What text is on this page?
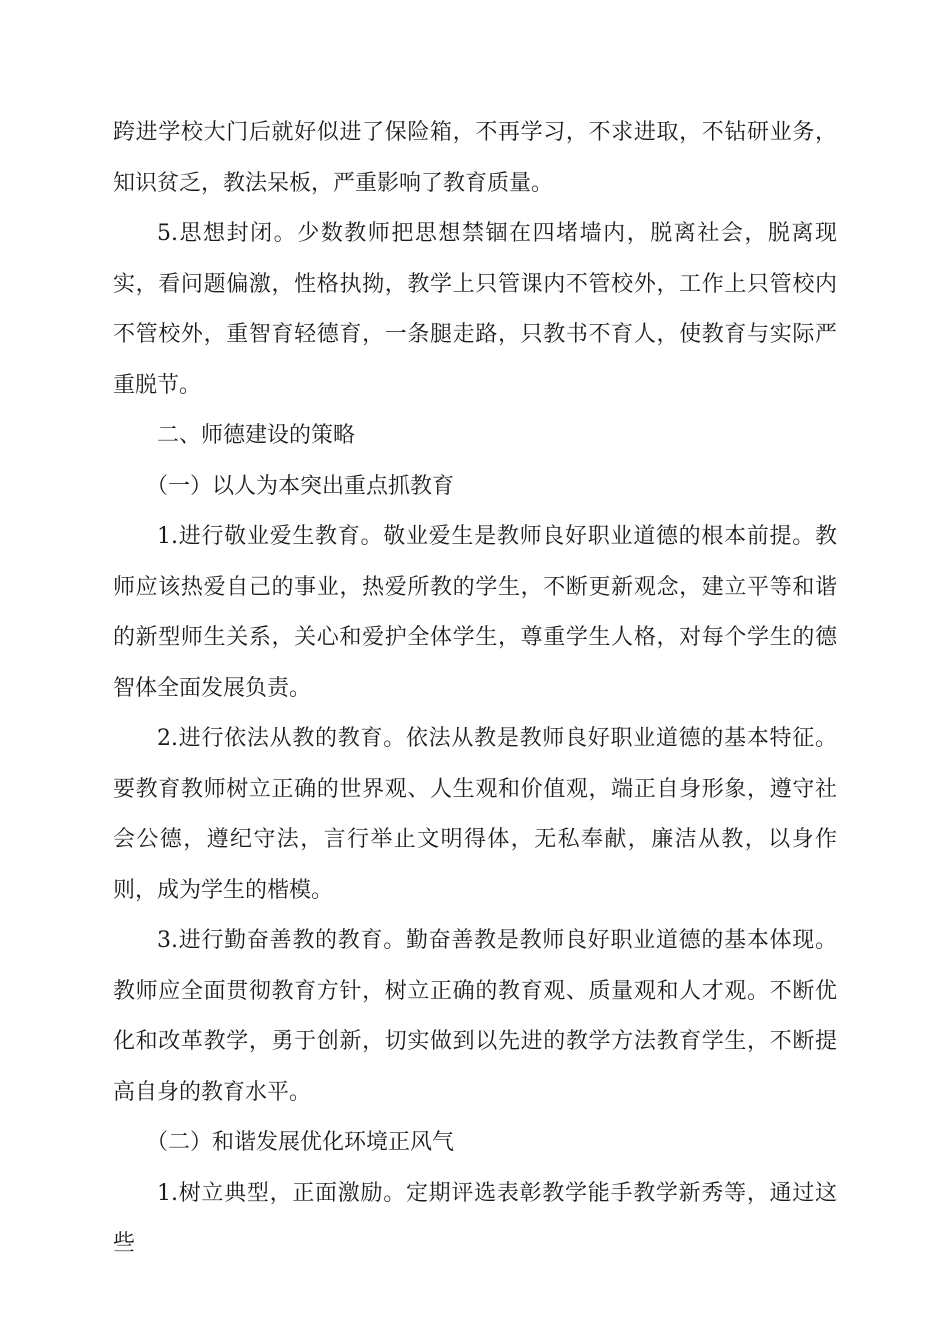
跨进学校大门后就好似进了保险箱，不再学习，不求进取，不钻研业务，知识贫乏，教法呆板，严重影响了教育质量。

5.思想封闭。少数教师把思想禁锢在四堵墙内，脱离社会，脱离现实，看问题偏激，性格执拗，教学上只管课内不管校外，工作上只管校内不管校外，重智育轻德育，一条腿走路，只教书不育人，使教育与实际严重脱节。

二、师德建设的策略

（一）以人为本突出重点抓教育

1.进行敬业爱生教育。敬业爱生是教师良好职业道德的根本前提。教师应该热爱自己的事业，热爱所教的学生，不断更新观念，建立平等和谐的新型师生关系，关心和爱护全体学生，尊重学生人格，对每个学生的德智体全面发展负责。

2.进行依法从教的教育。依法从教是教师良好职业道德的基本特征。要教育教师树立正确的世界观、人生观和价值观，端正自身形象，遵守社会公德，遵纪守法，言行举止文明得体，无私奉献，廉洁从教，以身作则，成为学生的楷模。

3.进行勤奋善教的教育。勤奋善教是教师良好职业道德的基本体现。教师应全面贯彻教育方针，树立正确的教育观、质量观和人才观。不断优化和改革教学，勇于创新，切实做到以先进的教学方法教育学生，不断提高自身的教育水平。

（二）和谐发展优化环境正风气

1.树立典型，正面激励。定期评选表彰教学能手教学新秀等，通过这些
